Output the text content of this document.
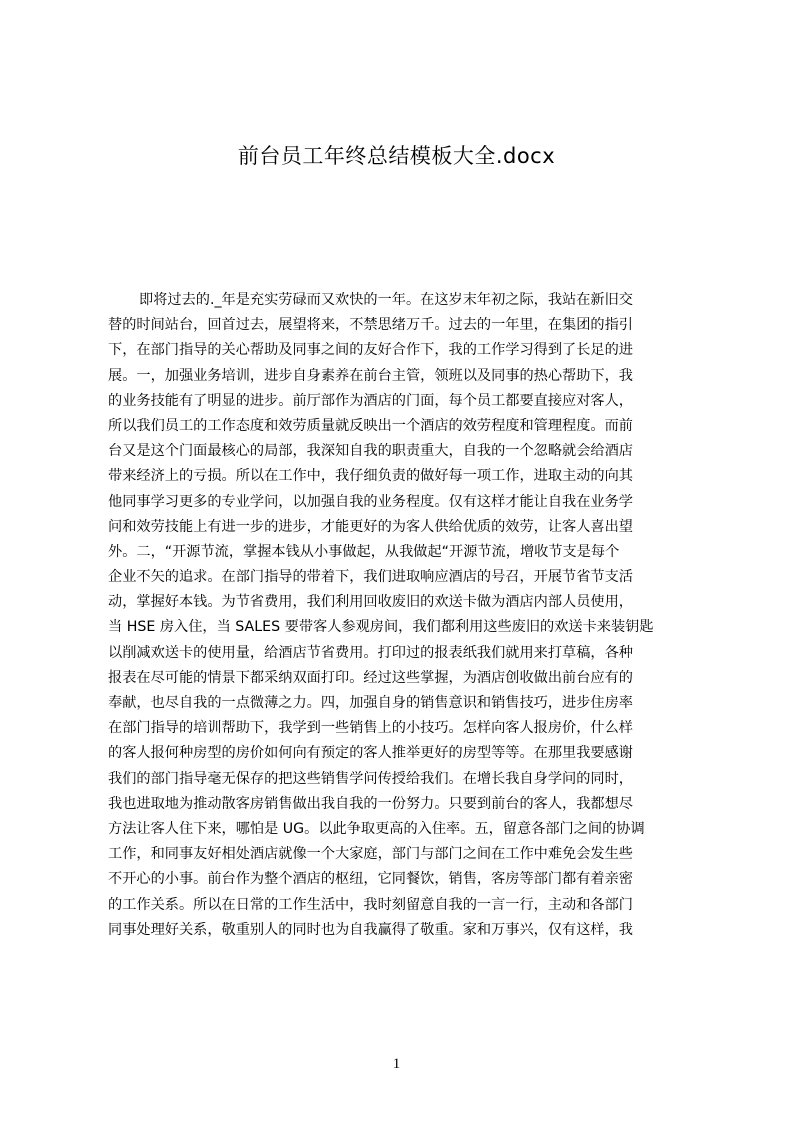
前台员工年终总结模板大全.docx
即将过去的._年是充实劳碌而又欢快的一年。在这岁末年初之际，我站在新旧交
替的时间站台，回首过去，展望将来，不禁思绪万千。过去的一年里，在集团的指引
下，在部门指导的关心帮助及同事之间的友好合作下，我的工作学习得到了长足的进
展。一，加强业务培训，进步自身素养在前台主管，领班以及同事的热心帮助下，我
的业务技能有了明显的进步。前厅部作为酒店的门面，每个员工都要直接应对客人，
所以我们员工的工作态度和效劳质量就反映出一个酒店的效劳程度和管理程度。而前
台又是这个门面最核心的局部，我深知自我的职责重大，自我的一个忽略就会给酒店
带来经济上的亏损。所以在工作中，我仔细负责的做好每一项工作，进取主动的向其
他同事学习更多的专业学问，以加强自我的业务程度。仅有这样才能让自我在业务学
问和效劳技能上有进一步的进步，才能更好的为客人供给优质的效劳，让客人喜出望
外。二，“开源节流，掌握本钱从小事做起，从我做起“开源节流，增收节支是每个
企业不矢的追求。在部门指导的带着下，我们进取响应酒店的号召，开展节省节支活
动，掌握好本钱。为节省费用，我们利用回收废旧的欢送卡做为酒店内部人员使用，
当 HSE 房入住，当 SALES 要带客人参观房间，我们都利用这些废旧的欢送卡来装钥匙
以削减欢送卡的使用量，给酒店节省费用。打印过的报表纸我们就用来打草稿，各种
报表在尽可能的情景下都采纳双面打印。经过这些掌握，为酒店创收做出前台应有的
奉献，也尽自我的一点微薄之力。四，加强自身的销售意识和销售技巧，进步住房率
在部门指导的培训帮助下，我学到一些销售上的小技巧。怎样向客人报房价，什么样
的客人报何种房型的房价如何向有预定的客人推举更好的房型等等。在那里我要感谢
我们的部门指导毫无保存的把这些销售学问传授给我们。在增长我自身学问的同时，
我也进取地为推动散客房销售做出我自我的一份努力。只要到前台的客人，我都想尽
方法让客人住下来，哪怕是 UG。以此争取更高的入住率。五，留意各部门之间的协调
工作，和同事友好相处酒店就像一个大家庭，部门与部门之间在工作中难免会发生些
不开心的小事。前台作为整个酒店的枢纽，它同餐饮，销售，客房等部门都有着亲密
的工作关系。所以在日常的工作生活中，我时刻留意自我的一言一行，主动和各部门
同事处理好关系，敬重别人的同时也为自我赢得了敬重。家和万事兴，仅有这样，我
1
